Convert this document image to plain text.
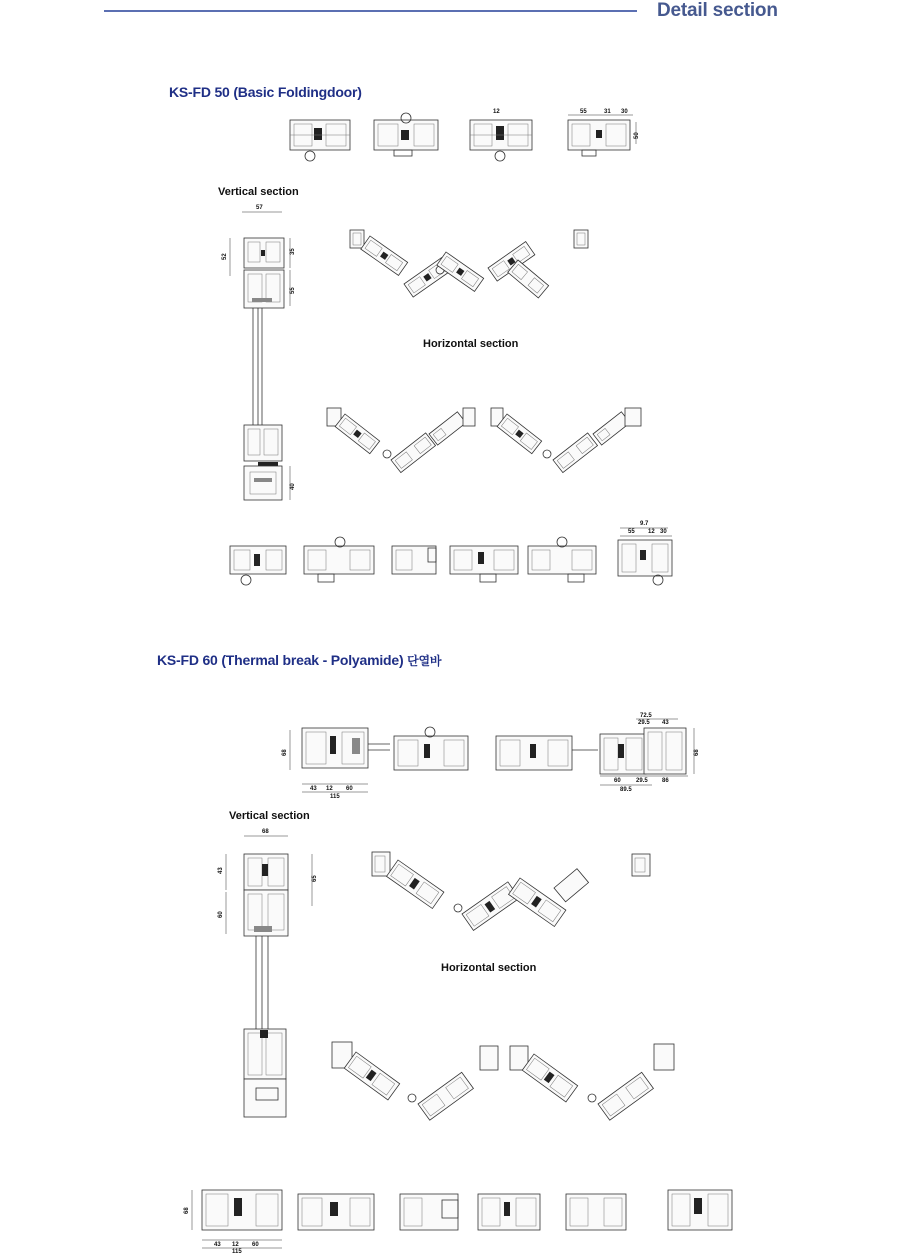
Detail section
KS-FD 50 (Basic Foldingdoor)
12	55	31 30
50
Vertical section
57
52
35
55
40
Horizontal section
9.7
55 12 30
KS-FD 60 (Thermal break - Polyamide) 단열바
68
43 12 60
115
72.5
29.5 43
68
60	29.5 86
89.5
Vertical section
68
43
60
65
Horizontal section
68
43 12 60
115
